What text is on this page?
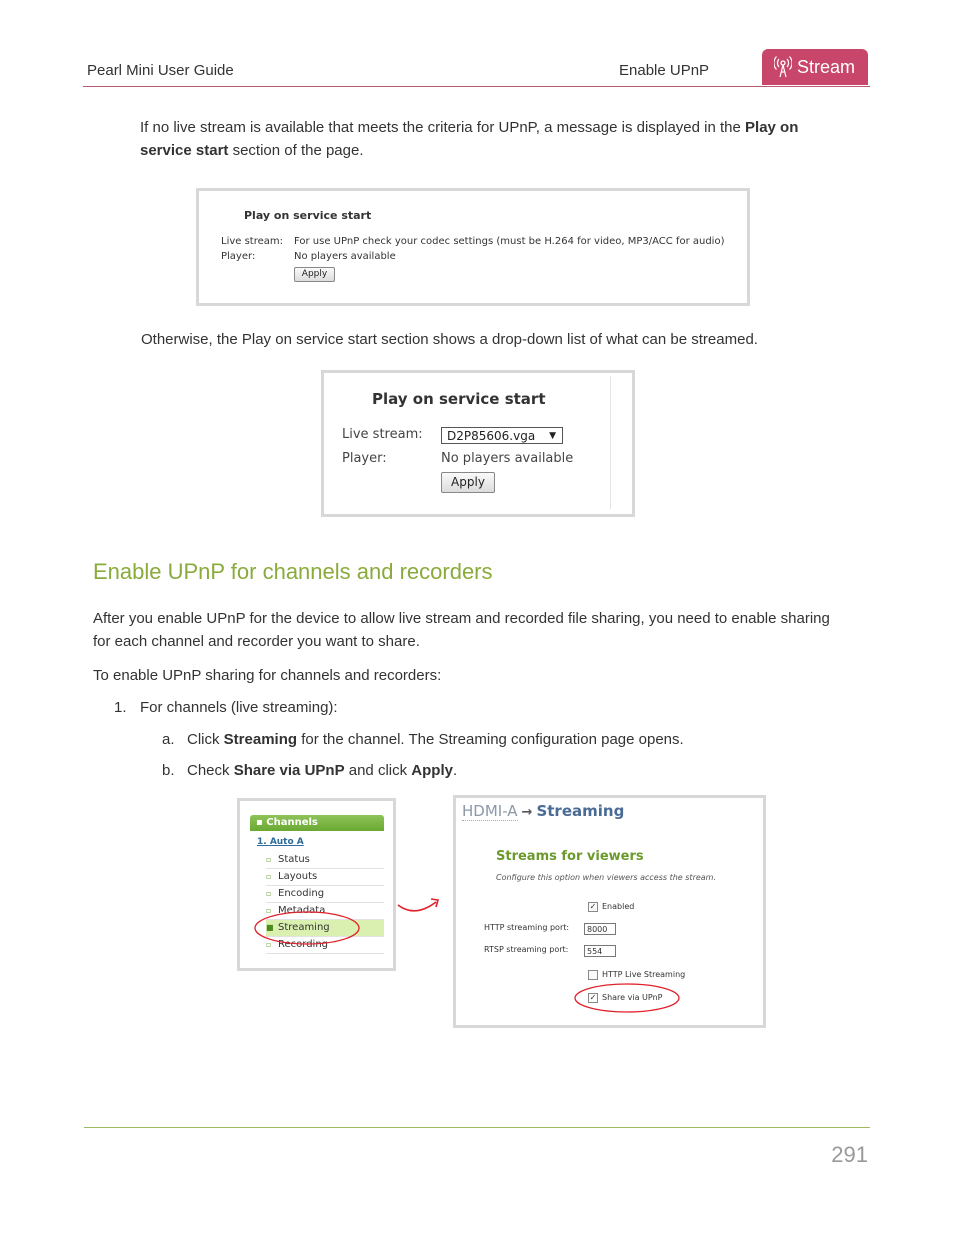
Pearl Mini User Guide	Enable UPnP	Stream
If no live stream is available that meets the criteria for UPnP, a message is displayed in the Play on service start section of the page.
Play on service start
Live stream: For use UPnP check your codec settings (must be H.264 for video, MP3/ACC for audio)
Player:	No players available
Apply
Otherwise, the Play on service start section shows a drop-down list of what can be streamed.
Play on service start
Live stream:	D2P85606.vga ▼
Player:	No players available
Apply
Enable UPnP for channels and recorders
After you enable UPnP for the device to allow live stream and recorded file sharing, you need to enable sharing for each channel and recorder you want to share.
To enable UPnP sharing for channels and recorders:
1. For channels (live streaming):
a. Click Streaming for the channel. The Streaming configuration page opens.
b. Check Share via UPnP and click Apply.
▪ Channels
1. Auto A
▫ Status
▫ Layouts
▫ Encoding
▫ Metadata
■ Streaming
▫ Recording
HDMI-A → Streaming
Streams for viewers
Configure this option when viewers access the stream.
✓ Enabled
HTTP streaming port:	8000
RTSP streaming port:	554
HTTP Live Streaming
✓ Share via UPnP
291
